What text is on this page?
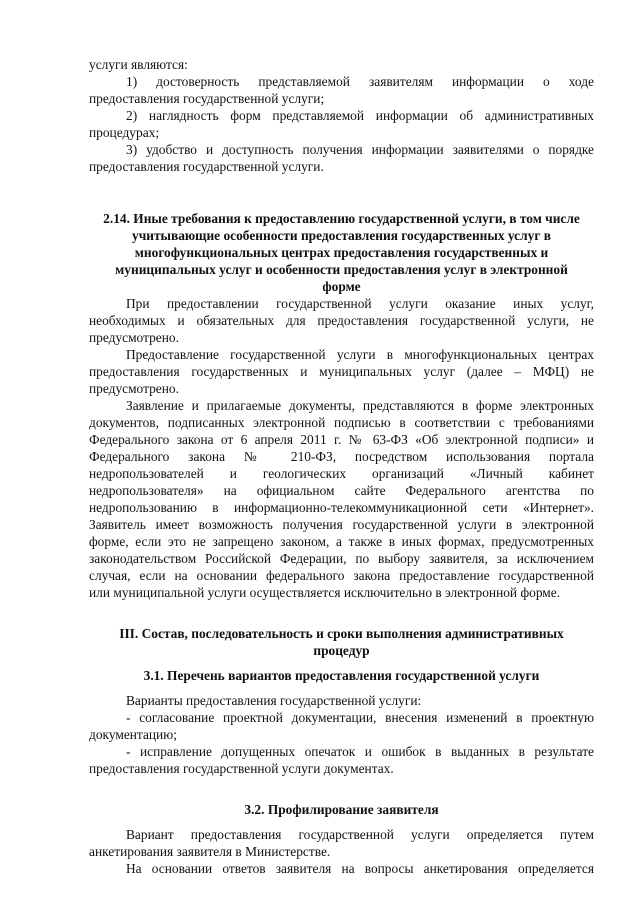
услуги являются:

1) достоверность представляемой заявителям информации о ходе

предоставления государственной услуги;

2) наглядность форм представляемой информации об административных

процедурах;

3) удобство и доступность получения информации заявителями о порядке

предоставления государственной услуги.

2.14. Иные требования к предоставлению государственной услуги, в том числе

учитывающие особенности предоставления государственных услуг в

многофункциональных центрах предоставления государственных и

муниципальных услуг и особенности предоставления услуг в электронной

форме

При предоставлении государственной услуги оказание иных услуг,

необходимых и обязательных для предоставления государственной услуги, не

предусмотрено.

Предоставление государственной услуги в многофункциональных центрах

предоставления государственных и муниципальных услуг (далее – МФЦ) не

предусмотрено.

Заявление и прилагаемые документы, представляются в форме электронных

документов, подписанных электронной подписью в соответствии с требованиями

Федерального закона от 6 апреля 2011 г. № 63-ФЗ «Об электронной подписи» и

Федерального закона № 210-ФЗ, посредством использования портала

недропользователей и геологических организаций «Личный кабинет

недропользователя» на официальном сайте Федерального агентства по

недропользованию в информационно-телекоммуникационной сети «Интернет».

Заявитель имеет возможность получения государственной услуги в электронной

форме, если это не запрещено законом, а также в иных формах, предусмотренных

законодательством Российской Федерации, по выбору заявителя, за исключением

случая, если на основании федерального закона предоставление государственной

или муниципальной услуги осуществляется исключительно в электронной форме.

III. Состав, последовательность и сроки выполнения административных

процедур

3.1. Перечень вариантов предоставления государственной услуги

Варианты предоставления государственной услуги:

- согласование проектной документации, внесения изменений в проектную

документацию;

- исправление допущенных опечаток и ошибок в выданных в результате

предоставления государственной услуги документах.

3.2. Профилирование заявителя

Вариант предоставления государственной услуги определяется путем

анкетирования заявителя в Министерстве.

На основании ответов заявителя на вопросы анкетирования определяется
